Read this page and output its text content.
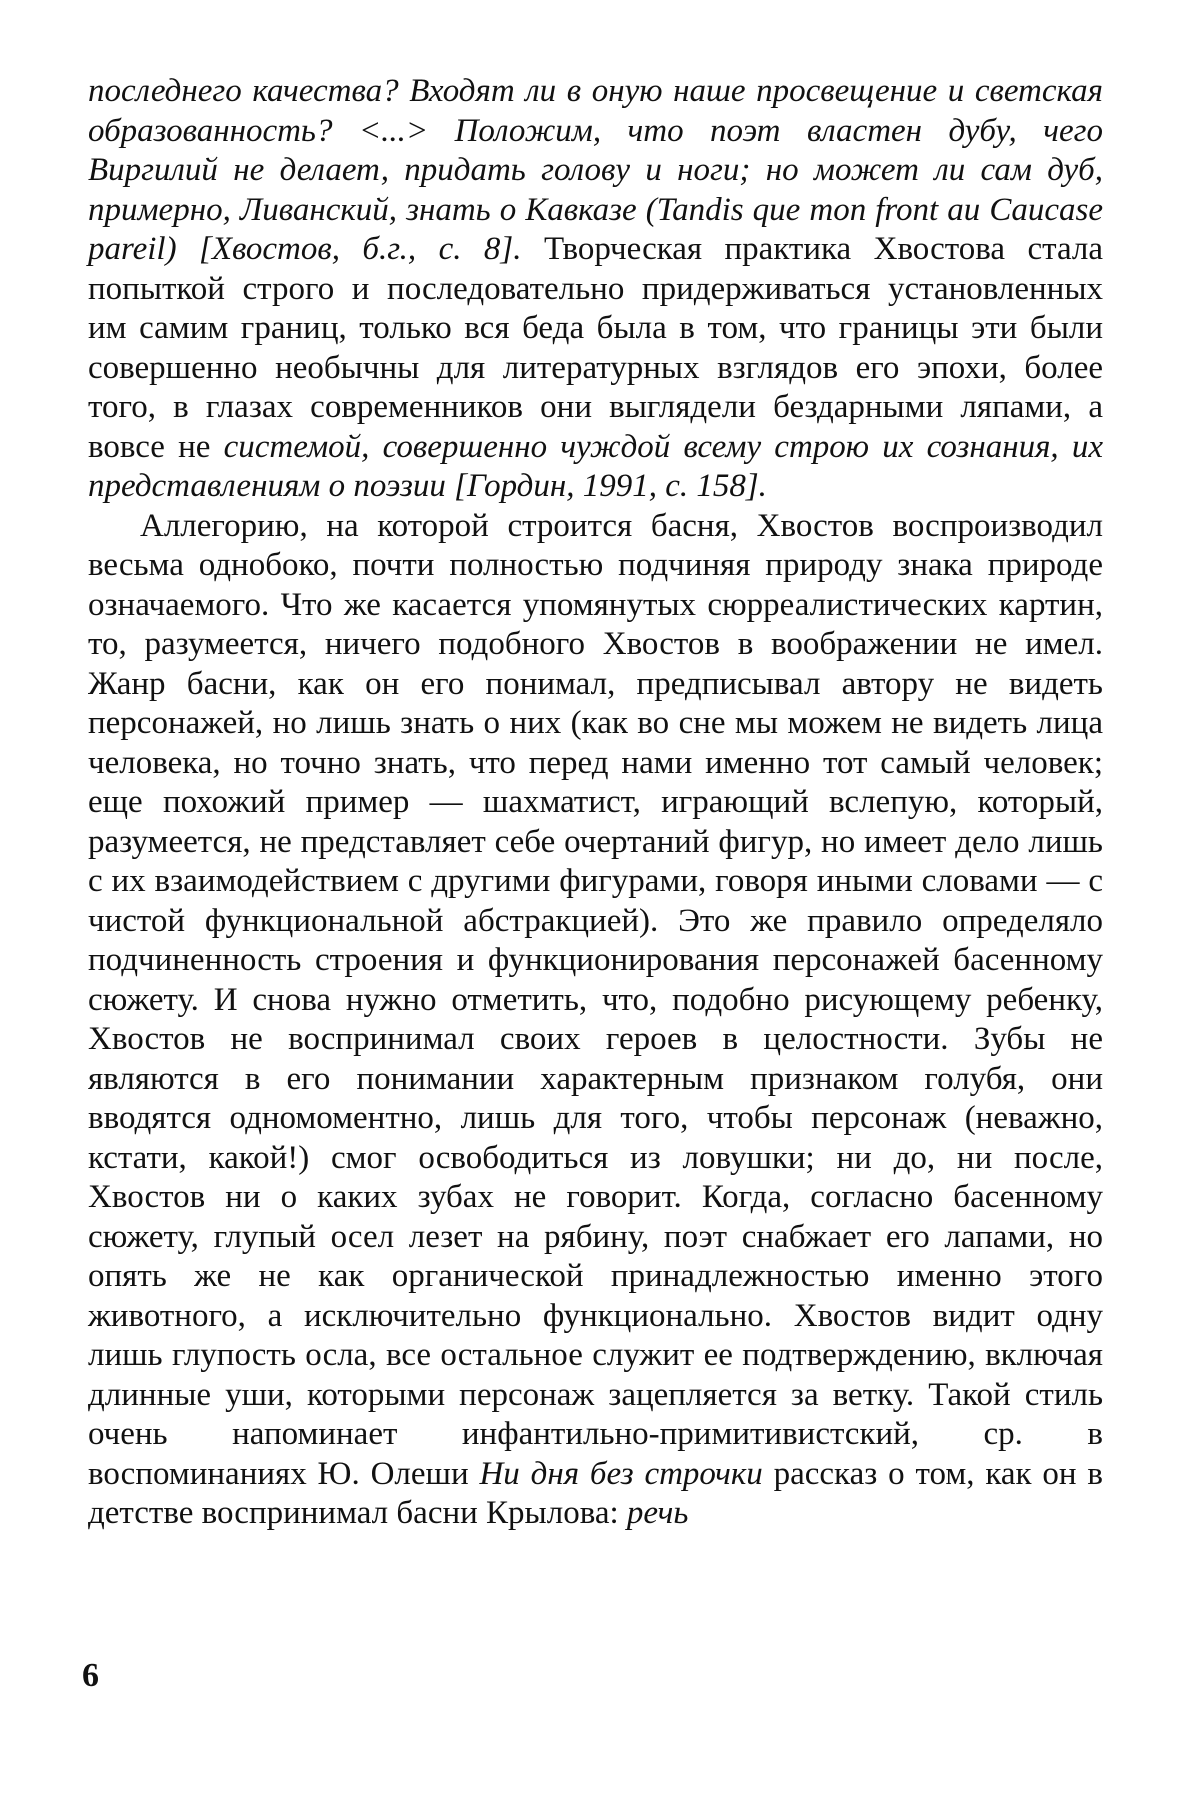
последнего качества? Входят ли в оную наше просвещение и светская образованность? <...> Положим, что поэт властен дубу, чего Виргилий не делает, придать голову и ноги; но может ли сам дуб, примерно, Ливанский, знать о Кавказе (Tandis que mon front au Caucase pareil) [Хвостов, б.г., с. 8]. Творческая практика Хвостова стала попыткой строго и последовательно придерживаться установленных им самим границ, только вся беда была в том, что границы эти были совершенно необычны для литературных взглядов его эпохи, более того, в глазах современников они выглядели бездарными ляпами, а вовсе не системой, совершенно чуждой всему строю их сознания, их представлениям о поэзии [Гордин, 1991, с. 158].

Аллегорию, на которой строится басня, Хвостов воспроизводил весьма однобоко, почти полностью подчиняя природу знака природе означаемого. Что же касается упомянутых сюрреалистических картин, то, разумеется, ничего подобного Хвостов в воображении не имел. Жанр басни, как он его понимал, предписывал автору не видеть персонажей, но лишь знать о них (как во сне мы можем не видеть лица человека, но точно знать, что перед нами именно тот самый человек; еще похожий пример — шахматист, играющий вслепую, который, разумеется, не представляет себе очертаний фигур, но имеет дело лишь с их взаимодействием с другими фигурами, говоря иными словами — с чистой функциональной абстракцией). Это же правило определяло подчиненность строения и функционирования персонажей басенному сюжету. И снова нужно отметить, что, подобно рисующему ребенку, Хвостов не воспринимал своих героев в целостности. Зубы не являются в его понимании характерным признаком голубя, они вводятся одномоментно, лишь для того, чтобы персонаж (неважно, кстати, какой!) смог освободиться из ловушки; ни до, ни после, Хвостов ни о каких зубах не говорит. Когда, согласно басенному сюжету, глупый осел лезет на рябину, поэт снабжает его лапами, но опять же не как органической принадлежностью именно этого животного, а исключительно функционально. Хвостов видит одну лишь глупость осла, все остальное служит ее подтверждению, включая длинные уши, которыми персонаж зацепляется за ветку. Такой стиль очень напоминает инфантильно-примитивистский, ср. в воспоминаниях Ю. Олеши Ни дня без строчки рассказ о том, как он в детстве воспринимал басни Крылова: речь

6
